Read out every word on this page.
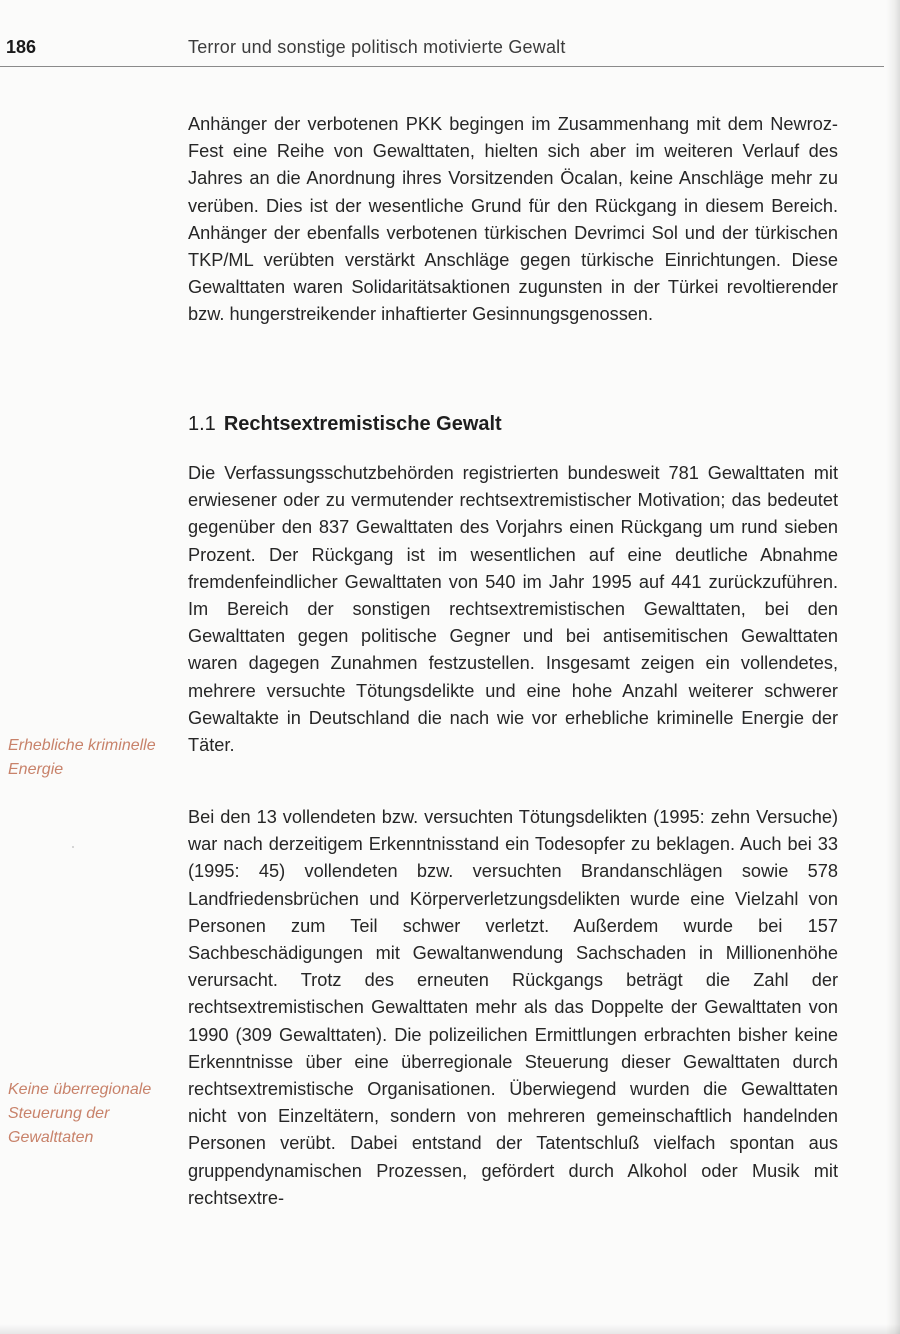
186	Terror und sonstige politisch motivierte Gewalt

Anhänger der verbotenen PKK begingen im Zusammenhang mit dem Newroz-Fest eine Reihe von Gewalttaten, hielten sich aber im weiteren Verlauf des Jahres an die Anordnung ihres Vorsitzenden Öcalan, keine Anschläge mehr zu verüben. Dies ist der wesentliche Grund für den Rückgang in diesem Bereich. Anhänger der ebenfalls verbotenen türkischen Devrimci Sol und der türkischen TKP/ML verübten verstärkt Anschläge gegen türkische Einrichtungen. Diese Gewalttaten waren Solidaritätsaktionen zugunsten in der Türkei revoltierender bzw. hungerstreikender inhaftierter Gesinnungsgenossen.

1.1 Rechtsextremistische Gewalt

Die Verfassungsschutzbehörden registrierten bundesweit 781 Gewalttaten mit erwiesener oder zu vermutender rechtsextremistischer Motivation; das bedeutet gegenüber den 837 Gewalttaten des Vorjahrs einen Rückgang um rund sieben Prozent. Der Rückgang ist im wesentlichen auf eine deutliche Abnahme fremdenfeindlicher Gewalttaten von 540 im Jahr 1995 auf 441 zurückzuführen. Im Bereich der sonstigen rechtsextremistischen Gewalttaten, bei den Gewalttaten gegen politische Gegner und bei antisemitischen Gewalttaten waren dagegen Zunahmen festzustellen. Insgesamt zeigen ein vollendetes, mehrere versuchte Tötungsdelikte und eine hohe Anzahl weiterer schwerer Gewaltakte in Deutschland die nach wie vor erhebliche kriminelle Energie der Täter.

Erhebliche kriminelle Energie

Bei den 13 vollendeten bzw. versuchten Tötungsdelikten (1995: zehn Versuche) war nach derzeitigem Erkenntnisstand ein Todesopfer zu beklagen. Auch bei 33 (1995: 45) vollendeten bzw. versuchten Brandanschlägen sowie 578 Landfriedensbrüchen und Körperverletzungsdelikten wurde eine Vielzahl von Personen zum Teil schwer verletzt. Außerdem wurde bei 157 Sachbeschädigungen mit Gewaltanwendung Sachschaden in Millionenhöhe verursacht. Trotz des erneuten Rückgangs beträgt die Zahl der rechtsextremistischen Gewalttaten mehr als das Doppelte der Gewalttaten von 1990 (309 Gewalttaten). Die polizeilichen Ermittlungen erbrachten bisher keine Erkenntnisse über eine überregionale Steuerung dieser Gewalttaten durch rechtsextremistische Organisationen. Überwiegend wurden die Gewalttaten nicht von Einzeltätern, sondern von mehreren gemeinschaftlich handelnden Personen verübt. Dabei entstand der Tatentschluß vielfach spontan aus gruppendynamischen Prozessen, gefördert durch Alkohol oder Musik mit rechtsextre-

Keine überregionale Steuerung der Gewalttaten
